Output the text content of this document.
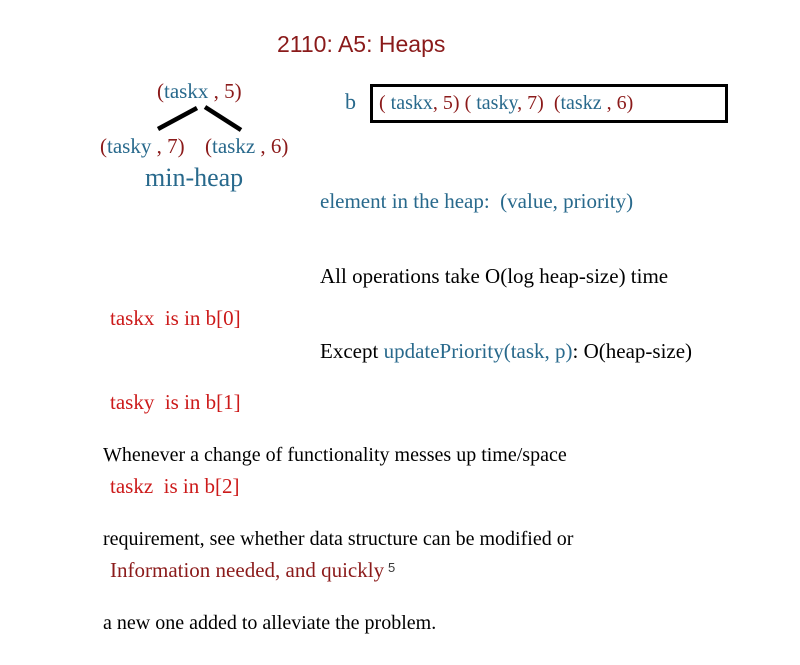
2110: A5: Heaps
(taskx , 5)
(tasky , 7) (taskz , 6)
min-heap
b	( taskx, 5) ( tasky, 7)  (taskz , 6)

element in the heap:  (value, priority)

All operations take O(log heap-size) time

Except updatePriority(task, p): O(heap-size)

taskx  is in b[0]

tasky  is in b[1]

taskz  is in b[2]

Information needed, and quickly

Whenever a change of functionality messes up time/space

requirement, see whether data structure can be modified or

a new one added to alleviate the problem.

5
